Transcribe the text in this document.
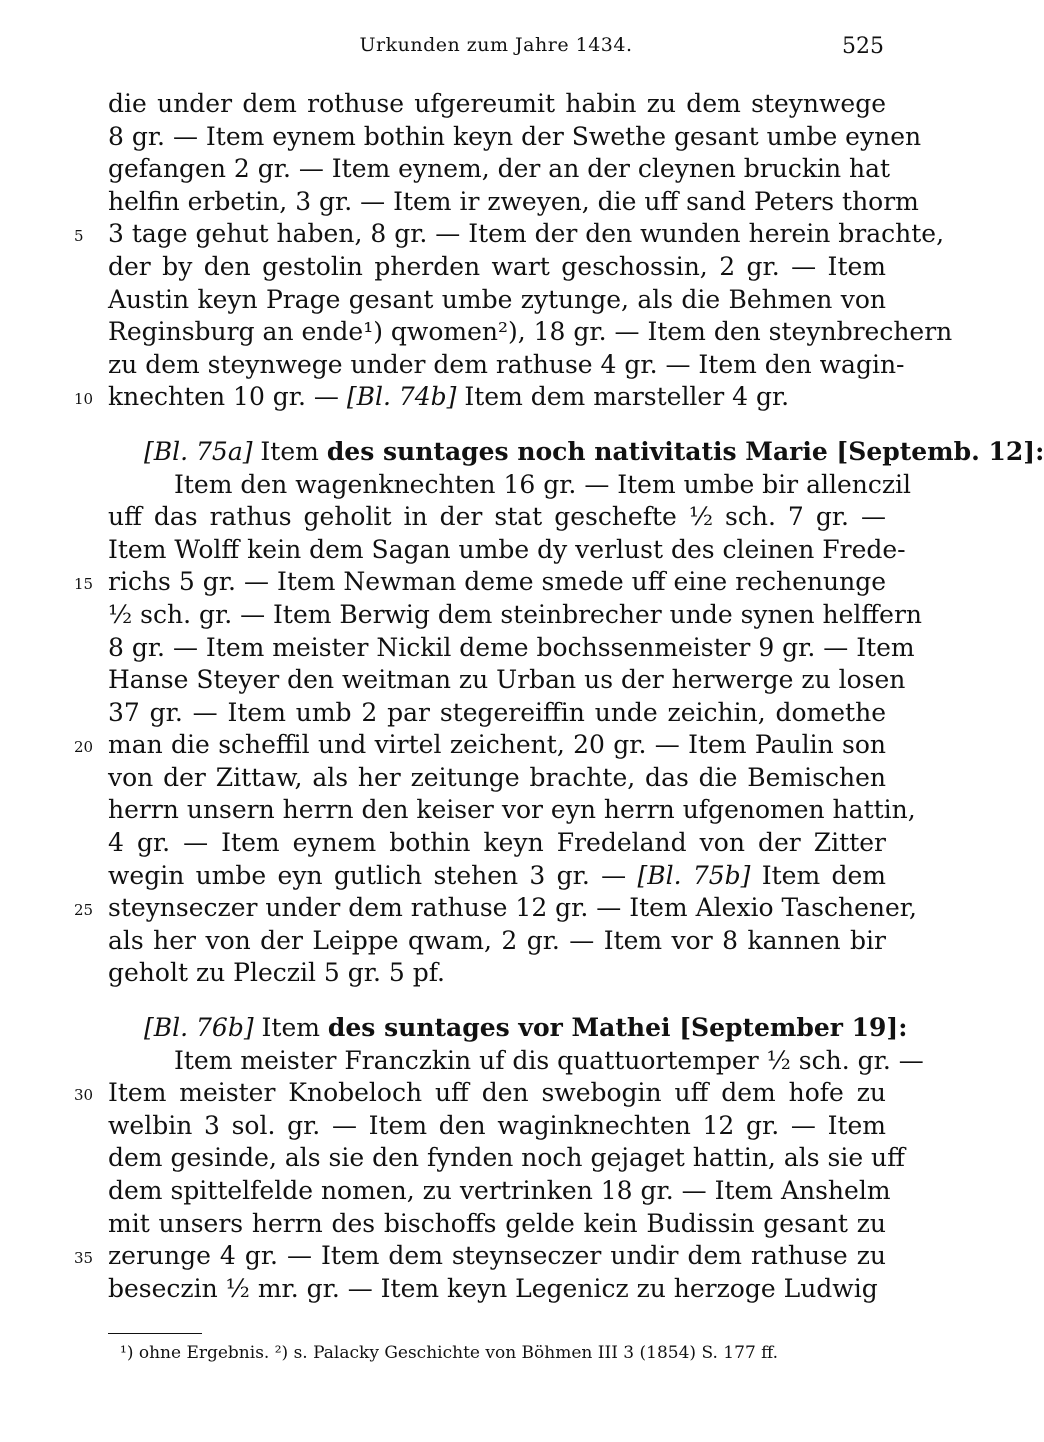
Urkunden zum Jahre 1434.	525
die under dem rothuse ufgereumit habin zu dem steynwege
8 gr. — Item eynem bothin keyn der Swethe gesant umbe eynen
gefangen 2 gr. — Item eynem, der an der cleynen bruckin hat
helfin erbetin, 3 gr. — Item ir zweyen, die uff sand Peters thorm
5 3 tage gehut haben, 8 gr. — Item der den wunden herein brachte,
der by den gestolin pherden wart geschossin, 2 gr. — Item
Austin keyn Prage gesant umbe zytunge, als die Behmen von
Reginsburg an ende¹) qwomen²), 18 gr. — Item den steynbrechern
zu dem steynwege under dem rathuse 4 gr. — Item den wagin-
10 knechten 10 gr. — [Bl. 74b] Item dem marsteller 4 gr.
[Bl. 75a] Item des suntages noch nativitatis Marie [Septemb. 12]:
Item den wagenknechten 16 gr. — Item umbe bir allenczil
uff das rathus geholit in der stat geschefte ½ sch. 7 gr. —
Item Wolff kein dem Sagan umbe dy verlust des cleinen Frede-
15 richs 5 gr. — Item Newman deme smede uff eine rechenunge
½ sch. gr. — Item Berwig dem steinbrecher unde synen helffern
8 gr. — Item meister Nickil deme bochssenmeister 9 gr. — Item
Hanse Steyer den weitman zu Urban us der herwerge zu losen
37 gr. — Item umb 2 par stegereiffin unde zeichin, domethe
20 man die scheffil und virtel zeichent, 20 gr. — Item Paulin son
von der Zittaw, als her zeitunge brachte, das die Bemischen
herrn unsern herrn den keiser vor eyn herrn ufgenomen hattin,
4 gr. — Item eynem bothin keyn Fredeland von der Zitter
wegin umbe eyn gutlich stehen 3 gr. — [Bl. 75b] Item dem
25 steynseczer under dem rathuse 12 gr. — Item Alexio Taschener,
als her von der Leippe qwam, 2 gr. — Item vor 8 kannen bir
geholt zu Pleczil 5 gr. 5 pf.
[Bl. 76b] Item des suntages vor Mathei [September 19]:
Item meister Franczkin uf dis quattuortemper ½ sch. gr. —
30 Item meister Knobeloch uff den swebogin uff dem hofe zu
welbin 3 sol. gr. — Item den waginknechten 12 gr. — Item
dem gesinde, als sie den fynden noch gejaget hattin, als sie uff
dem spittelfelde nomen, zu vertrinken 18 gr. — Item Anshelm
mit unsers herrn des bischoffs gelde kein Budissin gesant zu
35 zerunge 4 gr. — Item dem steynseczer undir dem rathuse zu
beseczin ½ mr. gr. — Item keyn Legenicz zu herzoge Ludwig
¹) ohne Ergebnis. ²) s. Palacky Geschichte von Böhmen III 3 (1854) S. 177 ff.
